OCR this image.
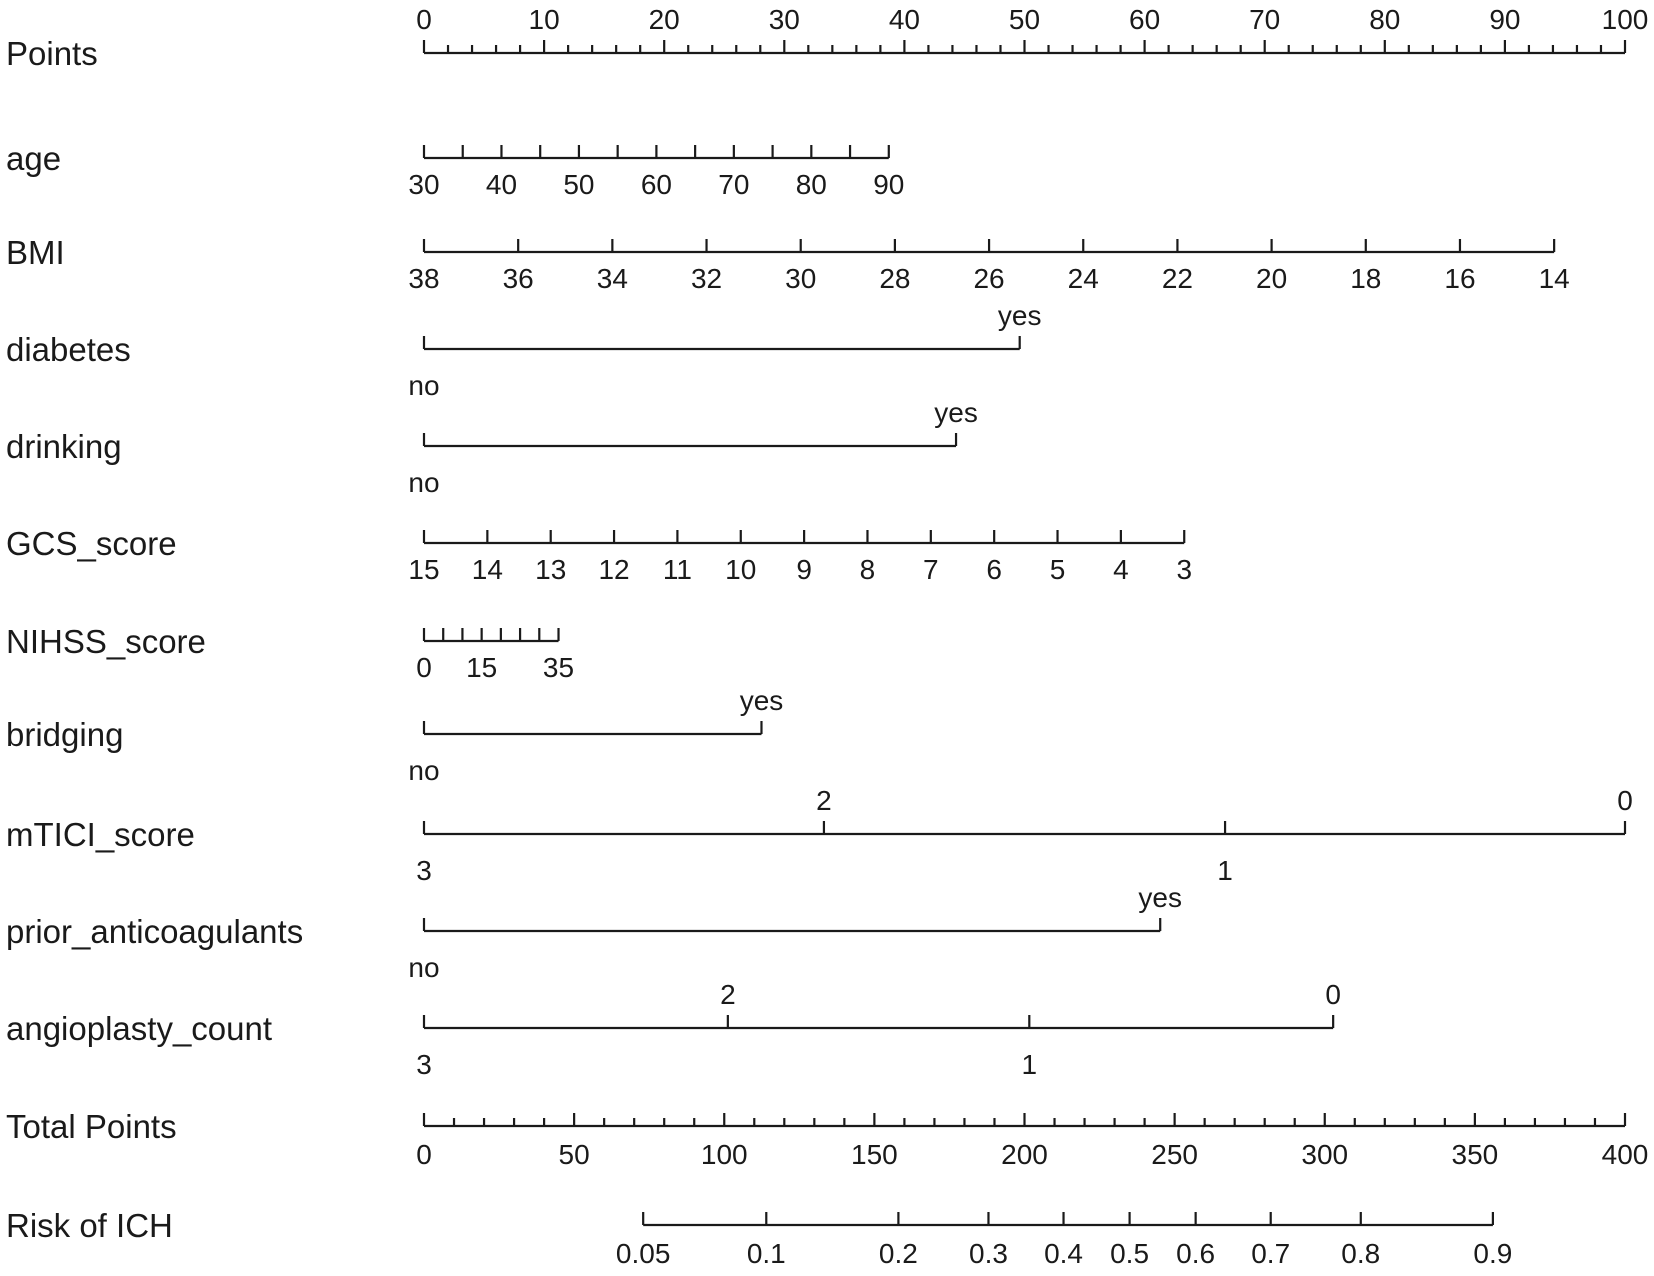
Points
0	10	20	30	40	50	60	70	80	90	100
age
30 40 50 60 70 80 90
BMI
38 36 34 32 30 28 26 24 22 20 18 16 14
diabetes
no
yes
drinking
no
yes
GCS_score
15 14 13 12 11 10 9 8 7 6 5 4 3
NIHSS_score
0 15 35
bridging
no
yes
mTICI_score
3
2
1
0
prior_anticoagulants
no
yes
angioplasty_count
3
2
1
0
Total Points
0	50	100	150	200	250	300	350	400
Risk of ICH
0.05	0.1	0.2 0.3 0.4 0.5 0.6 0.7 0.8	0.9
